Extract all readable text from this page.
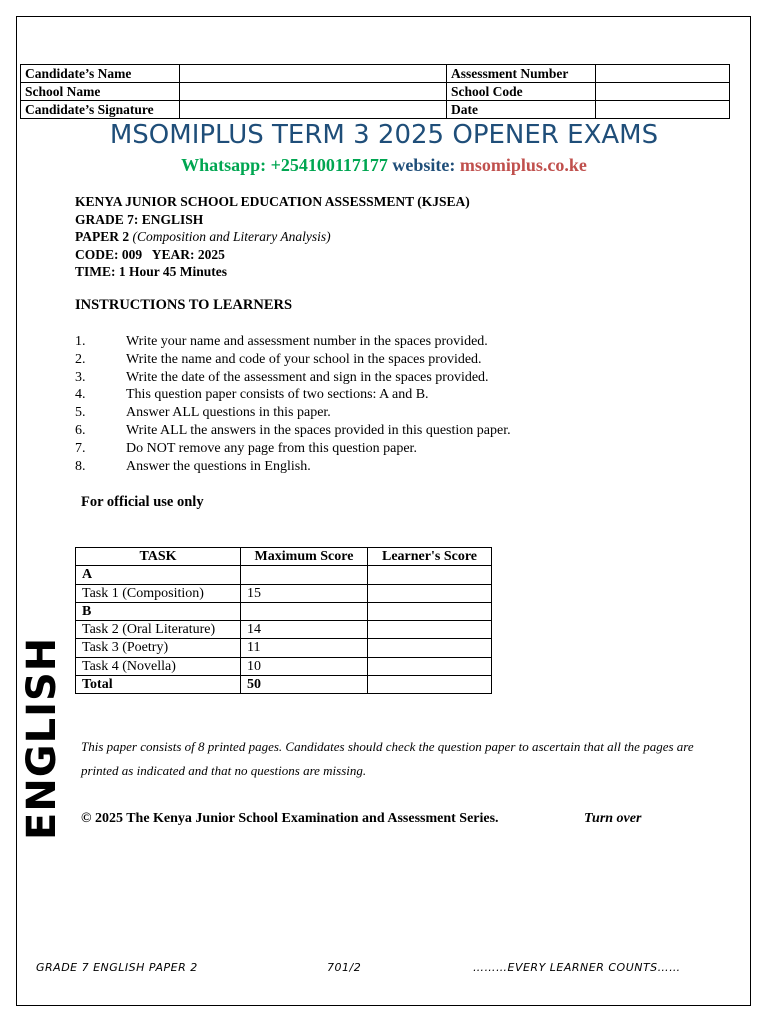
Candidate’s Name		Assessment Number	
School Name		School Code	
Candidate’s Signature		Date	
MSOMIPLUS TERM 3 2025 OPENER EXAMS
Whatsapp: +254100117177 website: msomiplus.co.ke
KENYA JUNIOR SCHOOL EDUCATION ASSESSMENT (KJSEA)
GRADE 7: ENGLISH
PAPER 2 (Composition and Literary Analysis)
CODE: 009   YEAR: 2025
TIME: 1 Hour 45 Minutes
INSTRUCTIONS TO LEARNERS
1.	Write your name and assessment number in the spaces provided.
2.	Write the name and code of your school in the spaces provided.
3.	Write the date of the assessment and sign in the spaces provided.
4.	This question paper consists of two sections: A and B.
5.	Answer ALL questions in this paper.
6.	Write ALL the answers in the spaces provided in this question paper.
7.	Do NOT remove any page from this question paper.
8.	Answer the questions in English.
For official use only
TASK	Maximum Score	Learner's Score
A		
Task 1 (Composition)	15	
B		
Task 2 (Oral Literature)	14	
Task 3 (Poetry)	11	
Task 4 (Novella)	10	
Total	50	
ENGLISH This paper consists of 8 printed pages. Candidates should check the question paper to ascertain that all the pages are printed as indicated and that no questions are missing.
© 2025 The Kenya Junior School Examination and Assessment Series.	Turn over
GRADE 7 ENGLISH PAPER 2	701/2	………EVERY LEARNER COUNTS……
